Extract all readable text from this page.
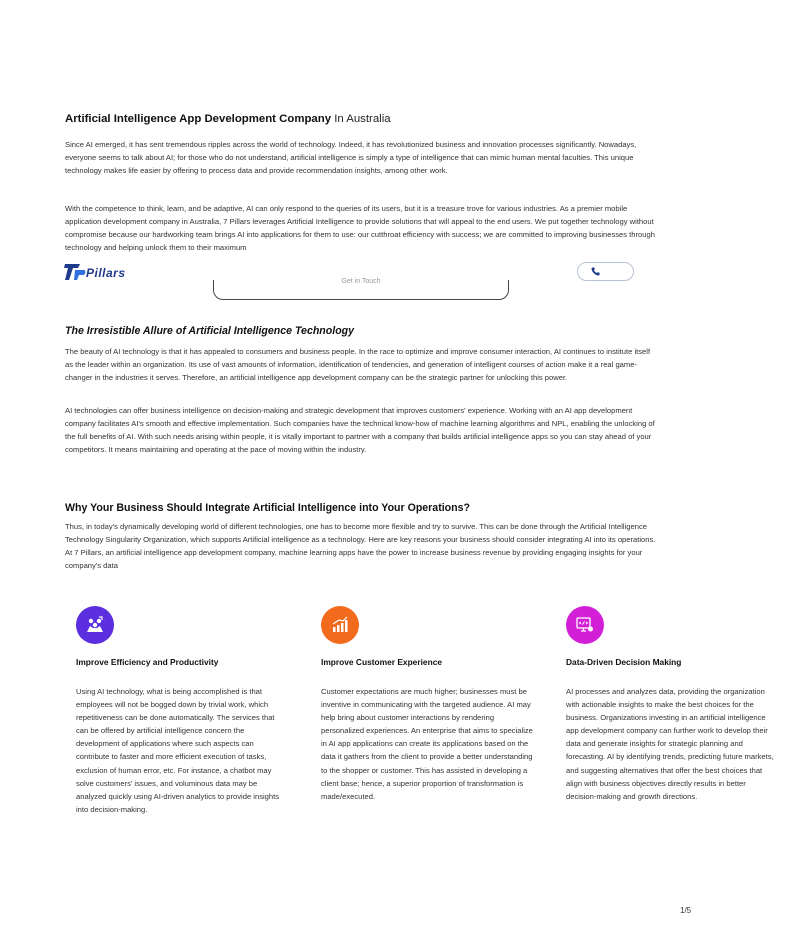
Artificial Intelligence App Development Company In Australia
Since AI emerged, it has sent tremendous ripples across the world of technology. Indeed, it has revolutionized business and innovation processes significantly. Nowadays, everyone seems to talk about AI; for those who do not understand, artificial intelligence is simply a type of intelligence that can mimic human mental faculties. This unique technology makes life easier by offering to process data and provide recommendation insights, among other work.
With the competence to think, learn, and be adaptive, AI can only respond to the queries of its users, but it is a treasure trove for various industries. As a premier mobile application development company in Australia, 7 Pillars leverages Artificial Intelligence to provide solutions that will appeal to the end users. We put together technology without compromise because our hardworking team brings AI into applications for them to use: our cutthroat efficiency with success; we are committed to improving businesses through technology and helping unlock them to their maximum
Pillars
Get in Touch
The Irresistible Allure of Artificial Intelligence Technology
The beauty of AI technology is that it has appealed to consumers and business people. In the race to optimize and improve consumer interaction, AI continues to institute itself as the leader within an organization. Its use of vast amounts of information, identification of tendencies, and generation of intelligent courses of action make it a real game-changer in the industries it serves. Therefore, an artificial intelligence app development company can be the strategic partner for unlocking this power.
AI technologies can offer business intelligence on decision-making and strategic development that improves customers' experience. Working with an AI app development company facilitates AI's smooth and effective implementation. Such companies have the technical know-how of machine learning algorithms and NPL, enabling the unlocking of the full benefits of AI. With such needs arising within people, it is vitally important to partner with a company that builds artificial intelligence apps so you can stay ahead of your competitors. It means maintaining and operating at the pace of moving within the industry.
Why Your Business Should Integrate Artificial Intelligence into Your Operations?
Thus, in today's dynamically developing world of different technologies, one has to become more flexible and try to survive. This can be done through the Artificial Intelligence Technology Singularity Organization, which supports Artificial intelligence as a technology. Here are key reasons your business should consider integrating AI into its operations. At 7 Pillars, an artificial intelligence app development company, machine learning apps have the power to increase business revenue by providing engaging insights for your company's data
Improve Efficiency and Productivity
Using AI technology, what is being accomplished is that employees will not be bogged down by trivial work, which repetitiveness can be done automatically. The services that can be offered by artificial intelligence concern the development of applications where such aspects can contribute to faster and more efficient execution of tasks, exclusion of human error, etc. For instance, a chatbot may solve customers' issues, and voluminous data may be analyzed quickly using AI-driven analytics to provide insights into decision-making.
Improve Customer Experience
Customer expectations are much higher; businesses must be inventive in communicating with the targeted audience. AI may help bring about customer interactions by rendering personalized experiences. An enterprise that aims to specialize in AI app applications can create its applications based on the data it gathers from the client to provide a better understanding to the shopper or customer. This has assisted in developing a client base; hence, a superior proportion of transformation is made/executed.
Data-Driven Decision Making
AI processes and analyzes data, providing the organization with actionable insights to make the best choices for the business. Organizations investing in an artificial intelligence app development company can further work to develop their data and generate insights for strategic planning and forecasting. AI by identifying trends, predicting future markets, and suggesting alternatives that offer the best choices that align with business objectives directly results in better decision-making and growth directions.
1/5
